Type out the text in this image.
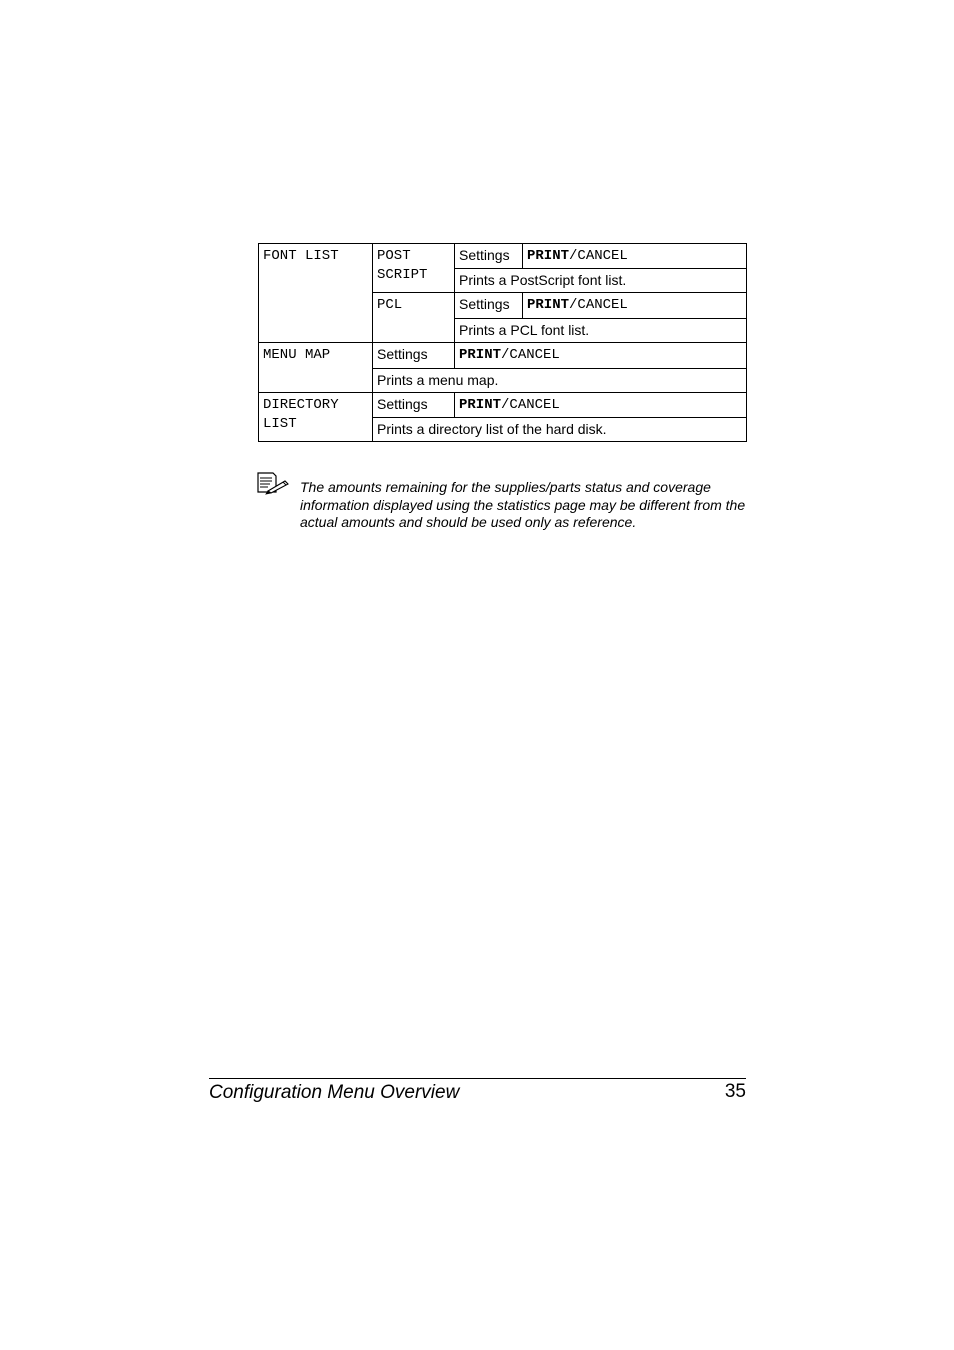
FONT LIST	POST SCRIPT	Settings	PRINT/CANCEL
		Prints a PostScript font list.	
	PCL	Settings	PRINT/CANCEL
		Prints a PCL font list.	
MENU MAP	Settings	PRINT/CANCEL	
	Prints a menu map.		
DIRECTORY LIST	Settings	PRINT/CANCEL	
	Prints a directory list of the hard disk.		
The amounts remaining for the supplies/parts status and coverage information displayed using the statistics page may be different from the actual amounts and should be used only as reference.
Configuration Menu Overview	35
